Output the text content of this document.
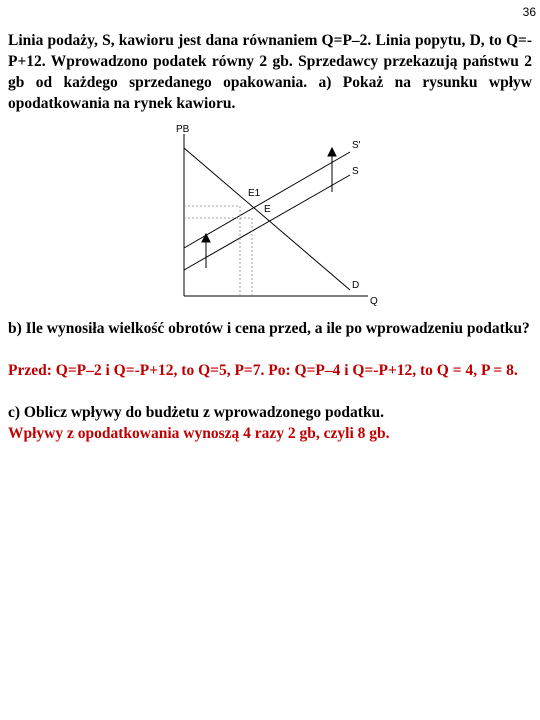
36

Linia podaży, S, kawioru jest dana równaniem Q=P–2. Linia popytu, D, to Q=-P+12. Wprowadzono podatek równy 2 gb. Sprzedawcy przekazują państwu 2 gb od każdego sprzedanego opakowania. a) Pokaż na rysunku wpływ opodatkowania na rynek kawioru.

PB
Q
S'
S
D
E1
E

b) Ile wynosiła wielkość obrotów i cena przed, a ile po wprowadzeniu podatku?

Przed: Q=P–2 i Q=-P+12, to Q=5, P=7. Po: Q=P–4 i Q=-P+12, to Q = 4, P = 8.

c) Oblicz wpływy do budżetu z wprowadzonego podatku.

Wpływy z opodatkowania wynoszą 4 razy 2 gb, czyli 8 gb.
